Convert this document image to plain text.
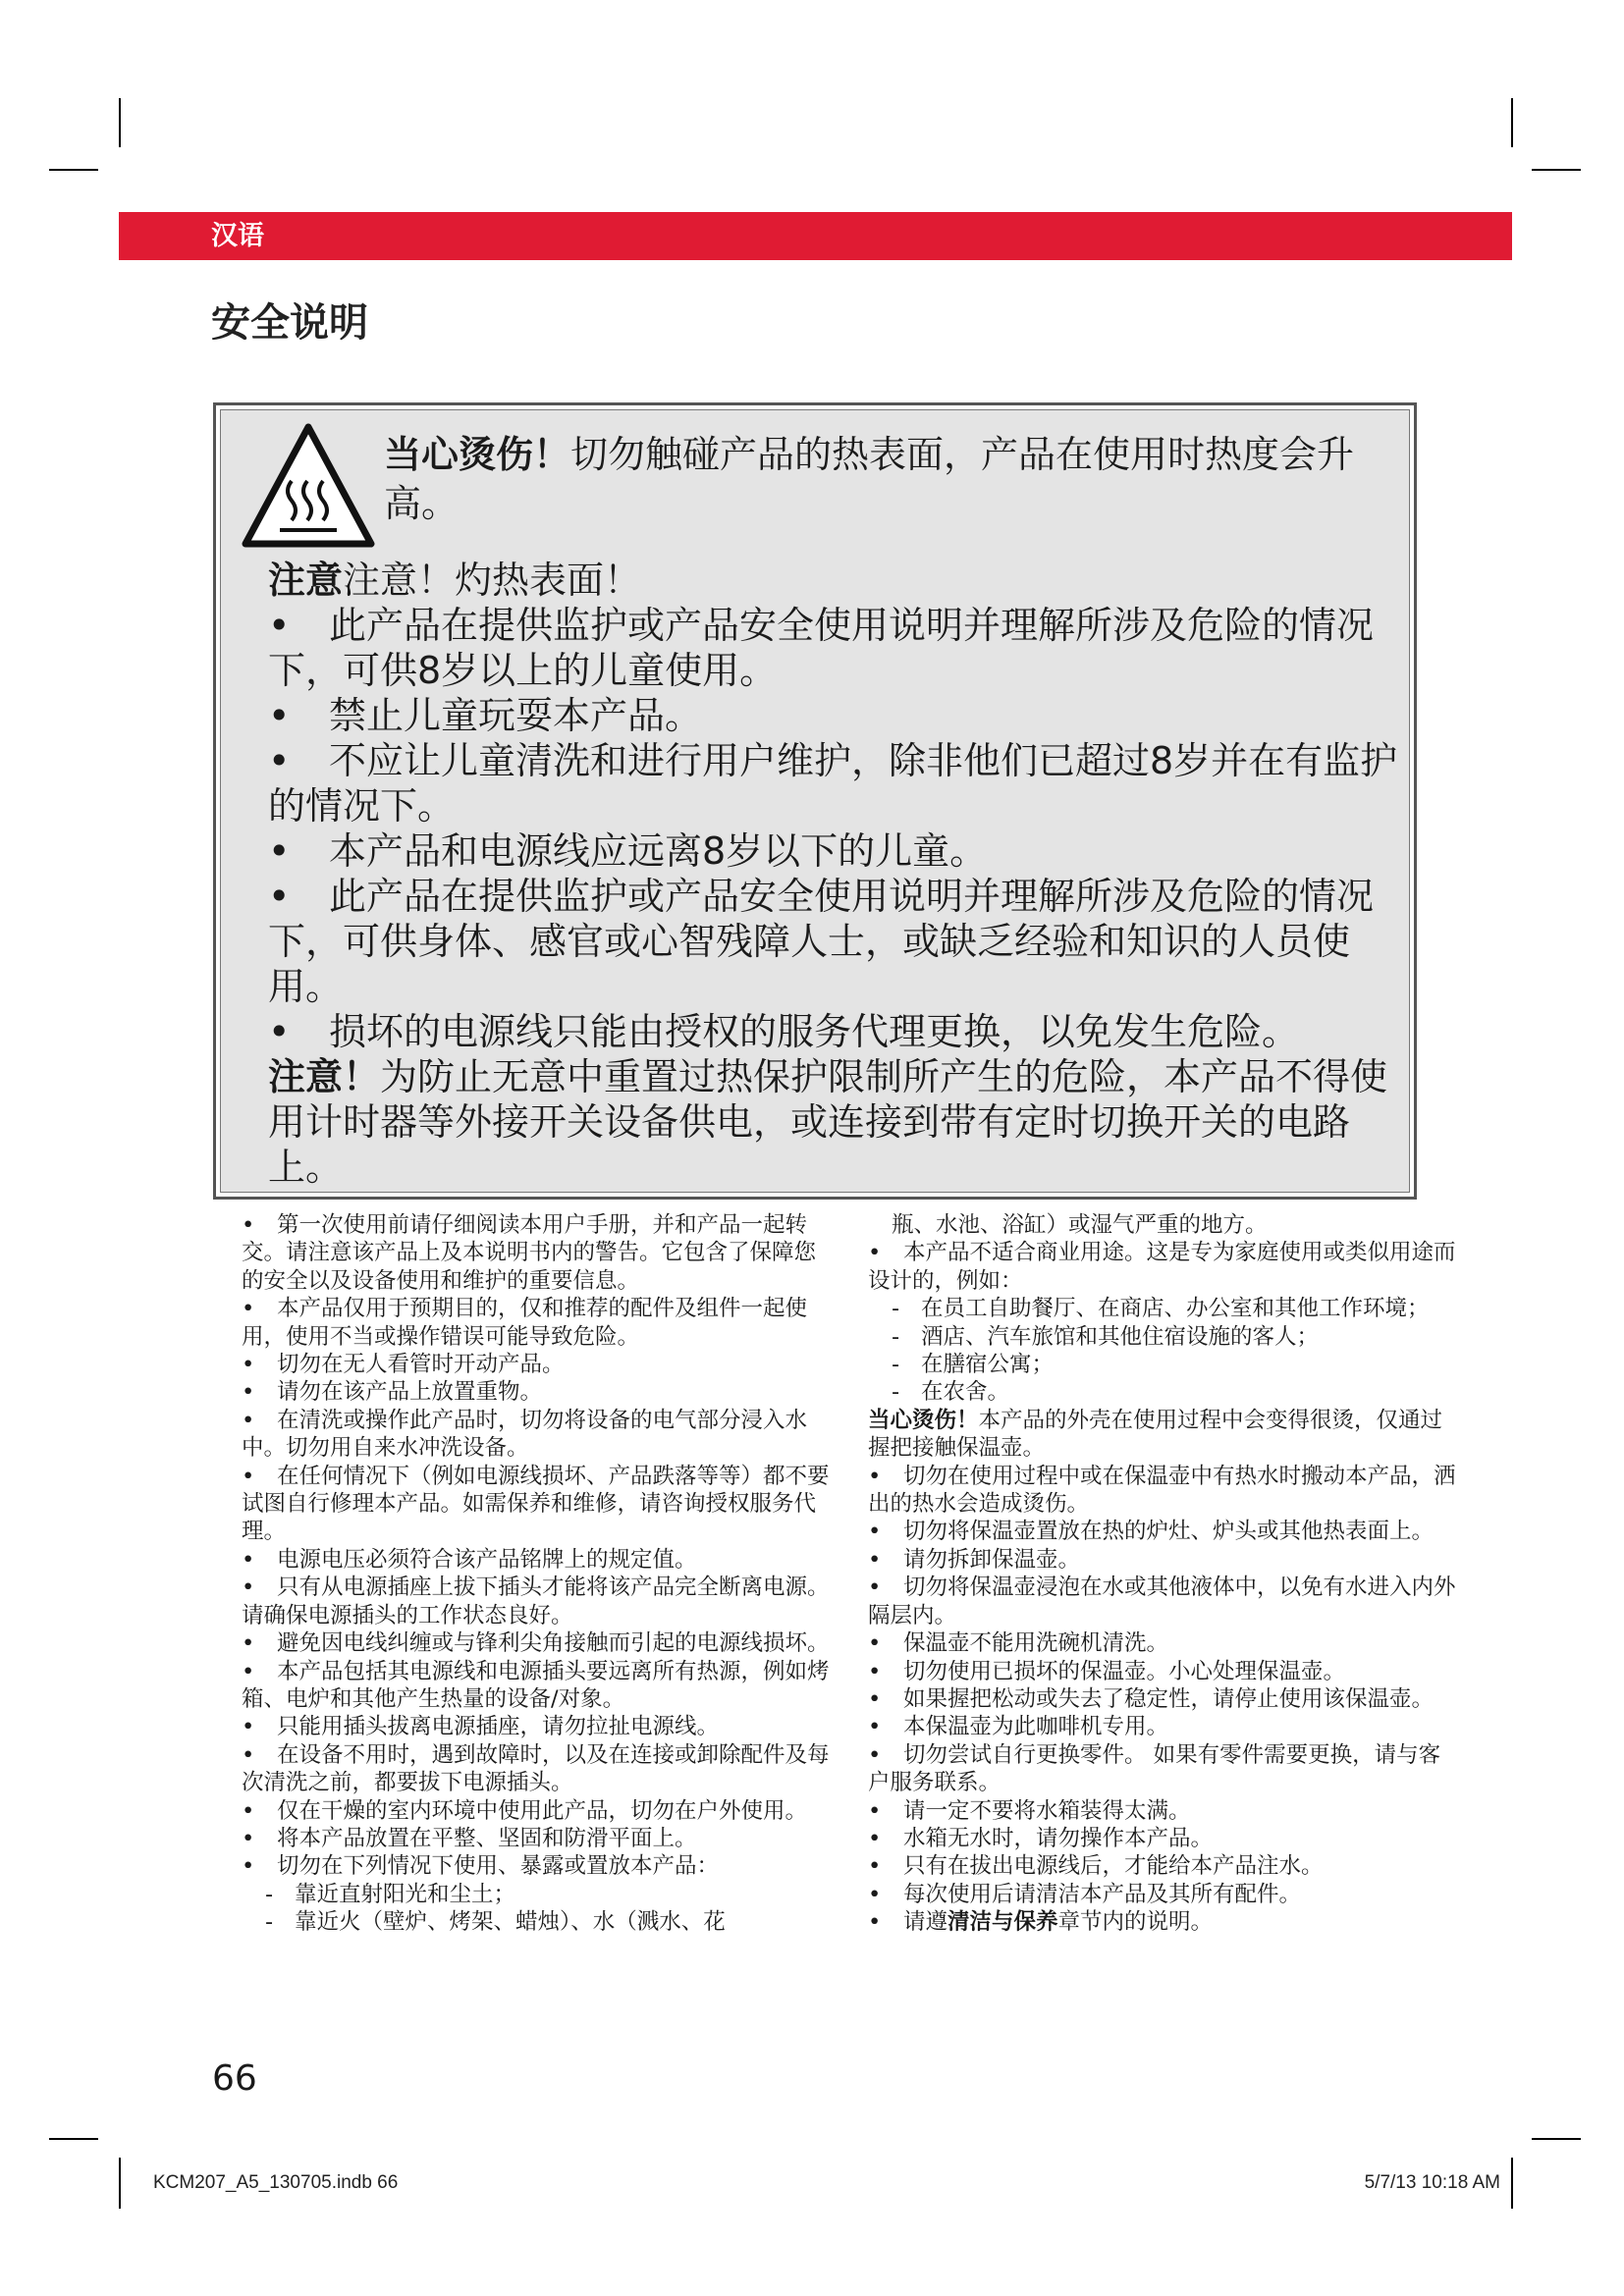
汉语
安全说明
当心烫伤！切勿触碰产品的热表面，产品在使用时热度会升高。

注意注意！灼热表面！

• 此产品在提供监护或产品安全使用说明并理解所涉及危险的情况下，可供8岁以上的儿童使用。

• 禁止儿童玩耍本产品。

• 不应让儿童清洗和进行用户维护，除非他们已超过8岁并在有监护的情况下。

• 本产品和电源线应远离8岁以下的儿童。

• 此产品在提供监护或产品安全使用说明并理解所涉及危险的情况下，可供身体、感官或心智残障人士，或缺乏经验和知识的人员使用。

• 损坏的电源线只能由授权的服务代理更换，以免发生危险。

注意！为防止无意中重置过热保护限制所产生的危险，本产品不得使用计时器等外接开关设备供电，或连接到带有定时切换开关的电路上。

• 第一次使用前请仔细阅读本用户手册，并和产品一起转交。请注意该产品上及本说明书内的警告。它包含了保障您的安全以及设备使用和维护的重要信息。

• 本产品仅用于预期目的，仅和推荐的配件及组件一起使用，使用不当或操作错误可能导致危险。

• 切勿在无人看管时开动产品。

• 请勿在该产品上放置重物。

• 在清洗或操作此产品时，切勿将设备的电气部分浸入水中。切勿用自来水冲洗设备。

• 在任何情况下（例如电源线损坏、产品跌落等等）都不要试图自行修理本产品。如需保养和维修，请咨询授权服务代理。

• 电源电压必须符合该产品铭牌上的规定值。

• 只有从电源插座上拔下插头才能将该产品完全断离电源。请确保电源插头的工作状态良好。

• 避免因电线纠缠或与锋利尖角接触而引起的电源线损坏。

• 本产品包括其电源线和电源插头要远离所有热源，例如烤箱、电炉和其他产生热量的设备/对象。

• 只能用插头拔离电源插座，请勿拉扯电源线。

• 在设备不用时，遇到故障时，以及在连接或卸除配件及每次清洗之前，都要拔下电源插头。

• 仅在干燥的室内环境中使用此产品，切勿在户外使用。

• 将本产品放置在平整、坚固和防滑平面上。

• 切勿在下列情况下使用、暴露或置放本产品：

- 靠近直射阳光和尘土；

- 靠近火（壁炉、烤架、蜡烛）、水（溅水、花

瓶、水池、浴缸）或湿气严重的地方。

• 本产品不适合商业用途。这是专为家庭使用或类似用途而设计的，例如：

- 在员工自助餐厅、在商店、办公室和其他工作环境；

- 酒店、汽车旅馆和其他住宿设施的客人；

- 在膳宿公寓；

- 在农舍。

当心烫伤！本产品的外壳在使用过程中会变得很烫，仅通过握把接触保温壶。

• 切勿在使用过程中或在保温壶中有热水时搬动本产品，洒出的热水会造成烫伤。

• 切勿将保温壶置放在热的炉灶、炉头或其他热表面上。

• 请勿拆卸保温壶。

• 切勿将保温壶浸泡在水或其他液体中，以免有水进入内外隔层内。

• 保温壶不能用洗碗机清洗。

• 切勿使用已损坏的保温壶。小心处理保温壶。

• 如果握把松动或失去了稳定性，请停止使用该保温壶。

• 本保温壶为此咖啡机专用。

• 切勿尝试自行更换零件。 如果有零件需要更换，请与客户服务联系。

• 请一定不要将水箱装得太满。

• 水箱无水时，请勿操作本产品。

• 只有在拔出电源线后，才能给本产品注水。

• 每次使用后请清洁本产品及其所有配件。

• 请遵清洁与保养章节内的说明。

66
KCM207_A5_130705.indb 66	5/7/13 10:18 AM
